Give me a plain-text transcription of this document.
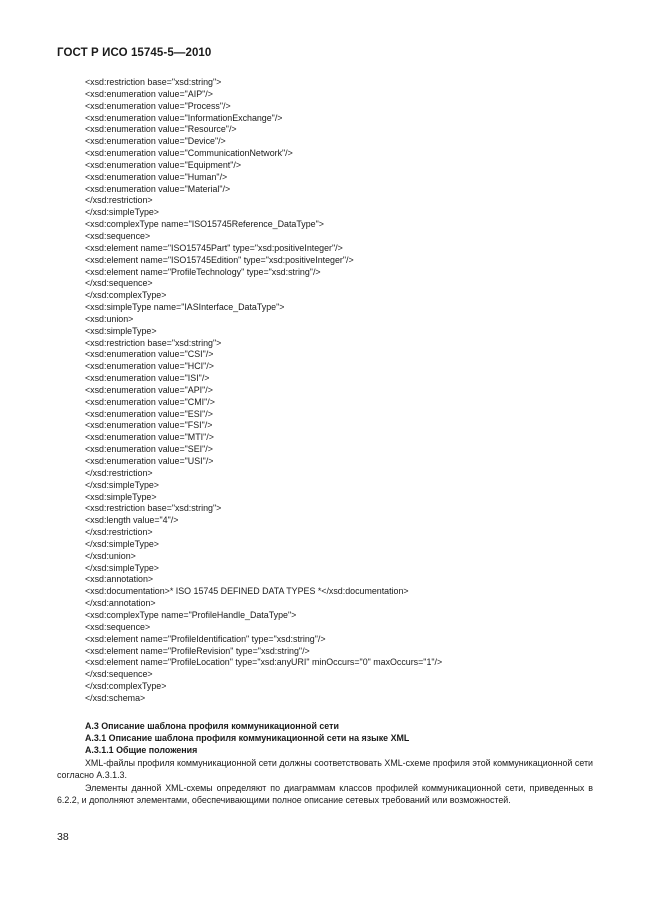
ГОСТ Р ИСО 15745-5—2010
<xsd:restriction base="xsd:string">
<xsd:enumeration value="AIP"/>
<xsd:enumeration value="Process"/>
<xsd:enumeration value="InformationExchange"/>
<xsd:enumeration value="Resource"/>
<xsd:enumeration value="Device"/>
<xsd:enumeration value="CommunicationNetwork"/>
<xsd:enumeration value="Equipment"/>
<xsd:enumeration value="Human"/>
<xsd:enumeration value="Material"/>
</xsd:restriction>
</xsd:simpleType>
<xsd:complexType name="ISO15745Reference_DataType">
<xsd:sequence>
<xsd:element name="ISO15745Part" type="xsd:positiveInteger"/>
<xsd:element name="ISO15745Edition" type="xsd:positiveInteger"/>
<xsd:element name="ProfileTechnology" type="xsd:string"/>
</xsd:sequence>
</xsd:complexType>
<xsd:simpleType name="IASInterface_DataType">
<xsd:union>
<xsd:simpleType>
<xsd:restriction base="xsd:string">
<xsd:enumeration value="CSI"/>
<xsd:enumeration value="HCI"/>
<xsd:enumeration value="ISI"/>
<xsd:enumeration value="API"/>
<xsd:enumeration value="CMI"/>
<xsd:enumeration value="ESI"/>
<xsd:enumeration value="FSI"/>
<xsd:enumeration value="MTI"/>
<xsd:enumeration value="SEI"/>
<xsd:enumeration value="USI"/>
</xsd:restriction>
</xsd:simpleType>
<xsd:simpleType>
<xsd:restriction base="xsd:string">
<xsd:length value="4"/>
</xsd:restriction>
</xsd:simpleType>
</xsd:union>
</xsd:simpleType>
<xsd:annotation>
<xsd:documentation>* ISO 15745 DEFINED DATA TYPES *</xsd:documentation>
</xsd:annotation>
<xsd:complexType name="ProfileHandle_DataType">
<xsd:sequence>
<xsd:element name="ProfileIdentification" type="xsd:string"/>
<xsd:element name="ProfileRevision" type="xsd:string"/>
<xsd:element name="ProfileLocation" type="xsd:anyURI" minOccurs="0" maxOccurs="1"/>
</xsd:sequence>
</xsd:complexType>
</xsd:schema>
А.3 Описание шаблона профиля коммуникационной сети
А.3.1 Описание шаблона профиля коммуникационной сети на языке XML
А.3.1.1 Общие положения

XML-файлы профиля коммуникационной сети должны соответствовать XML-схеме профиля этой коммуникационной сети согласно А.3.1.3.

Элементы данной XML-схемы определяют по диаграммам классов профилей коммуникационной сети, приведенных в 6.2.2, и дополняют элементами, обеспечивающими полное описание сетевых требований или возможностей.

38
